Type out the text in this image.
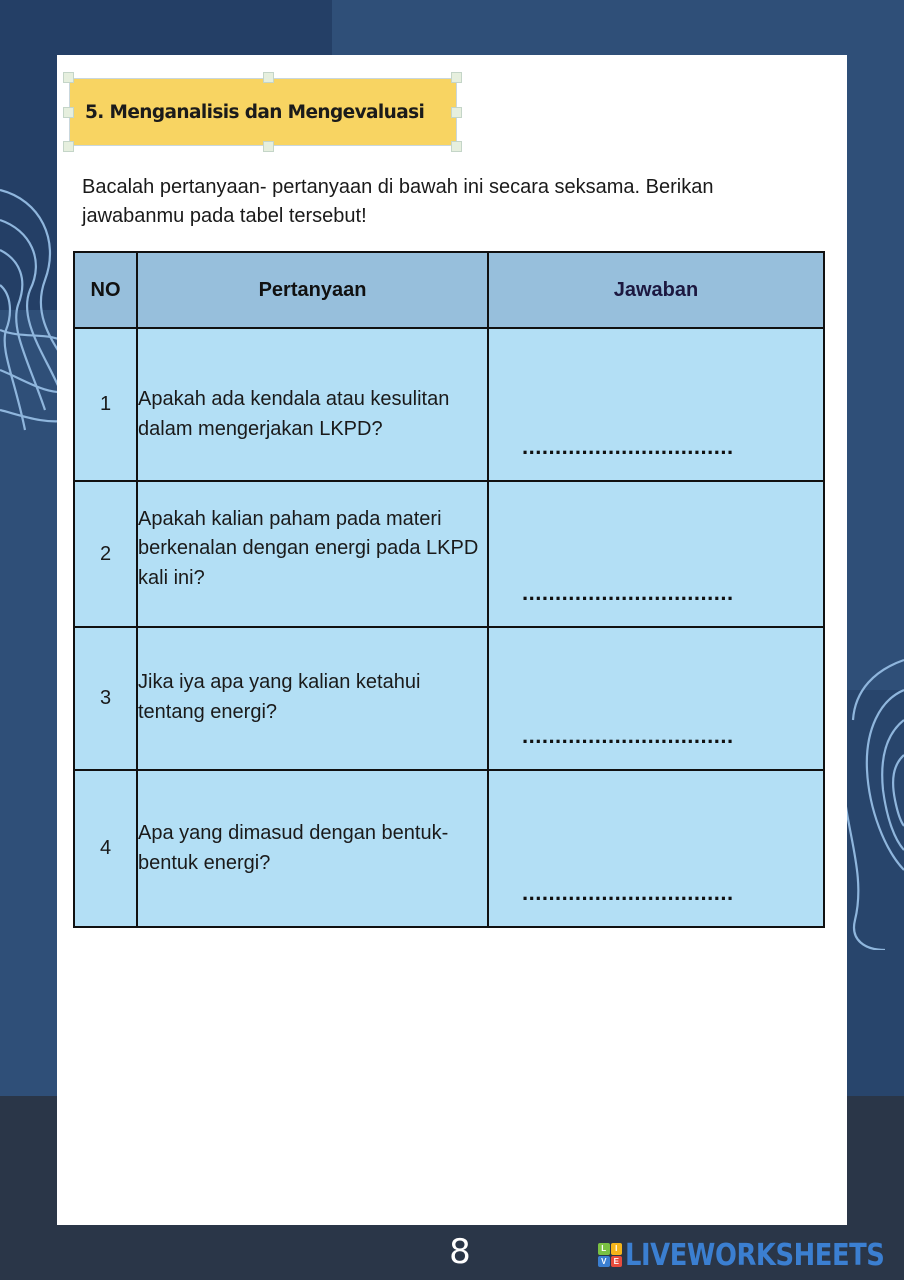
5. Menganalisis dan Mengevaluasi
Bacalah pertanyaan- pertanyaan di bawah ini secara seksama. Berikan jawabanmu pada tabel tersebut!
NO	Pertanyaan	Jawaban
1	Apakah ada kendala atau kesulitan dalam mengerjakan LKPD?	................................

2	Apakah kalian paham pada materi berkenalan dengan energi pada LKPD kali ini?	................................

3	Jika iya apa yang kalian ketahui tentang energi?	................................

4	Apa yang dimasud dengan bentuk-bentuk energi?	................................
8	L	I
V E LIVEWORKSHEETS
